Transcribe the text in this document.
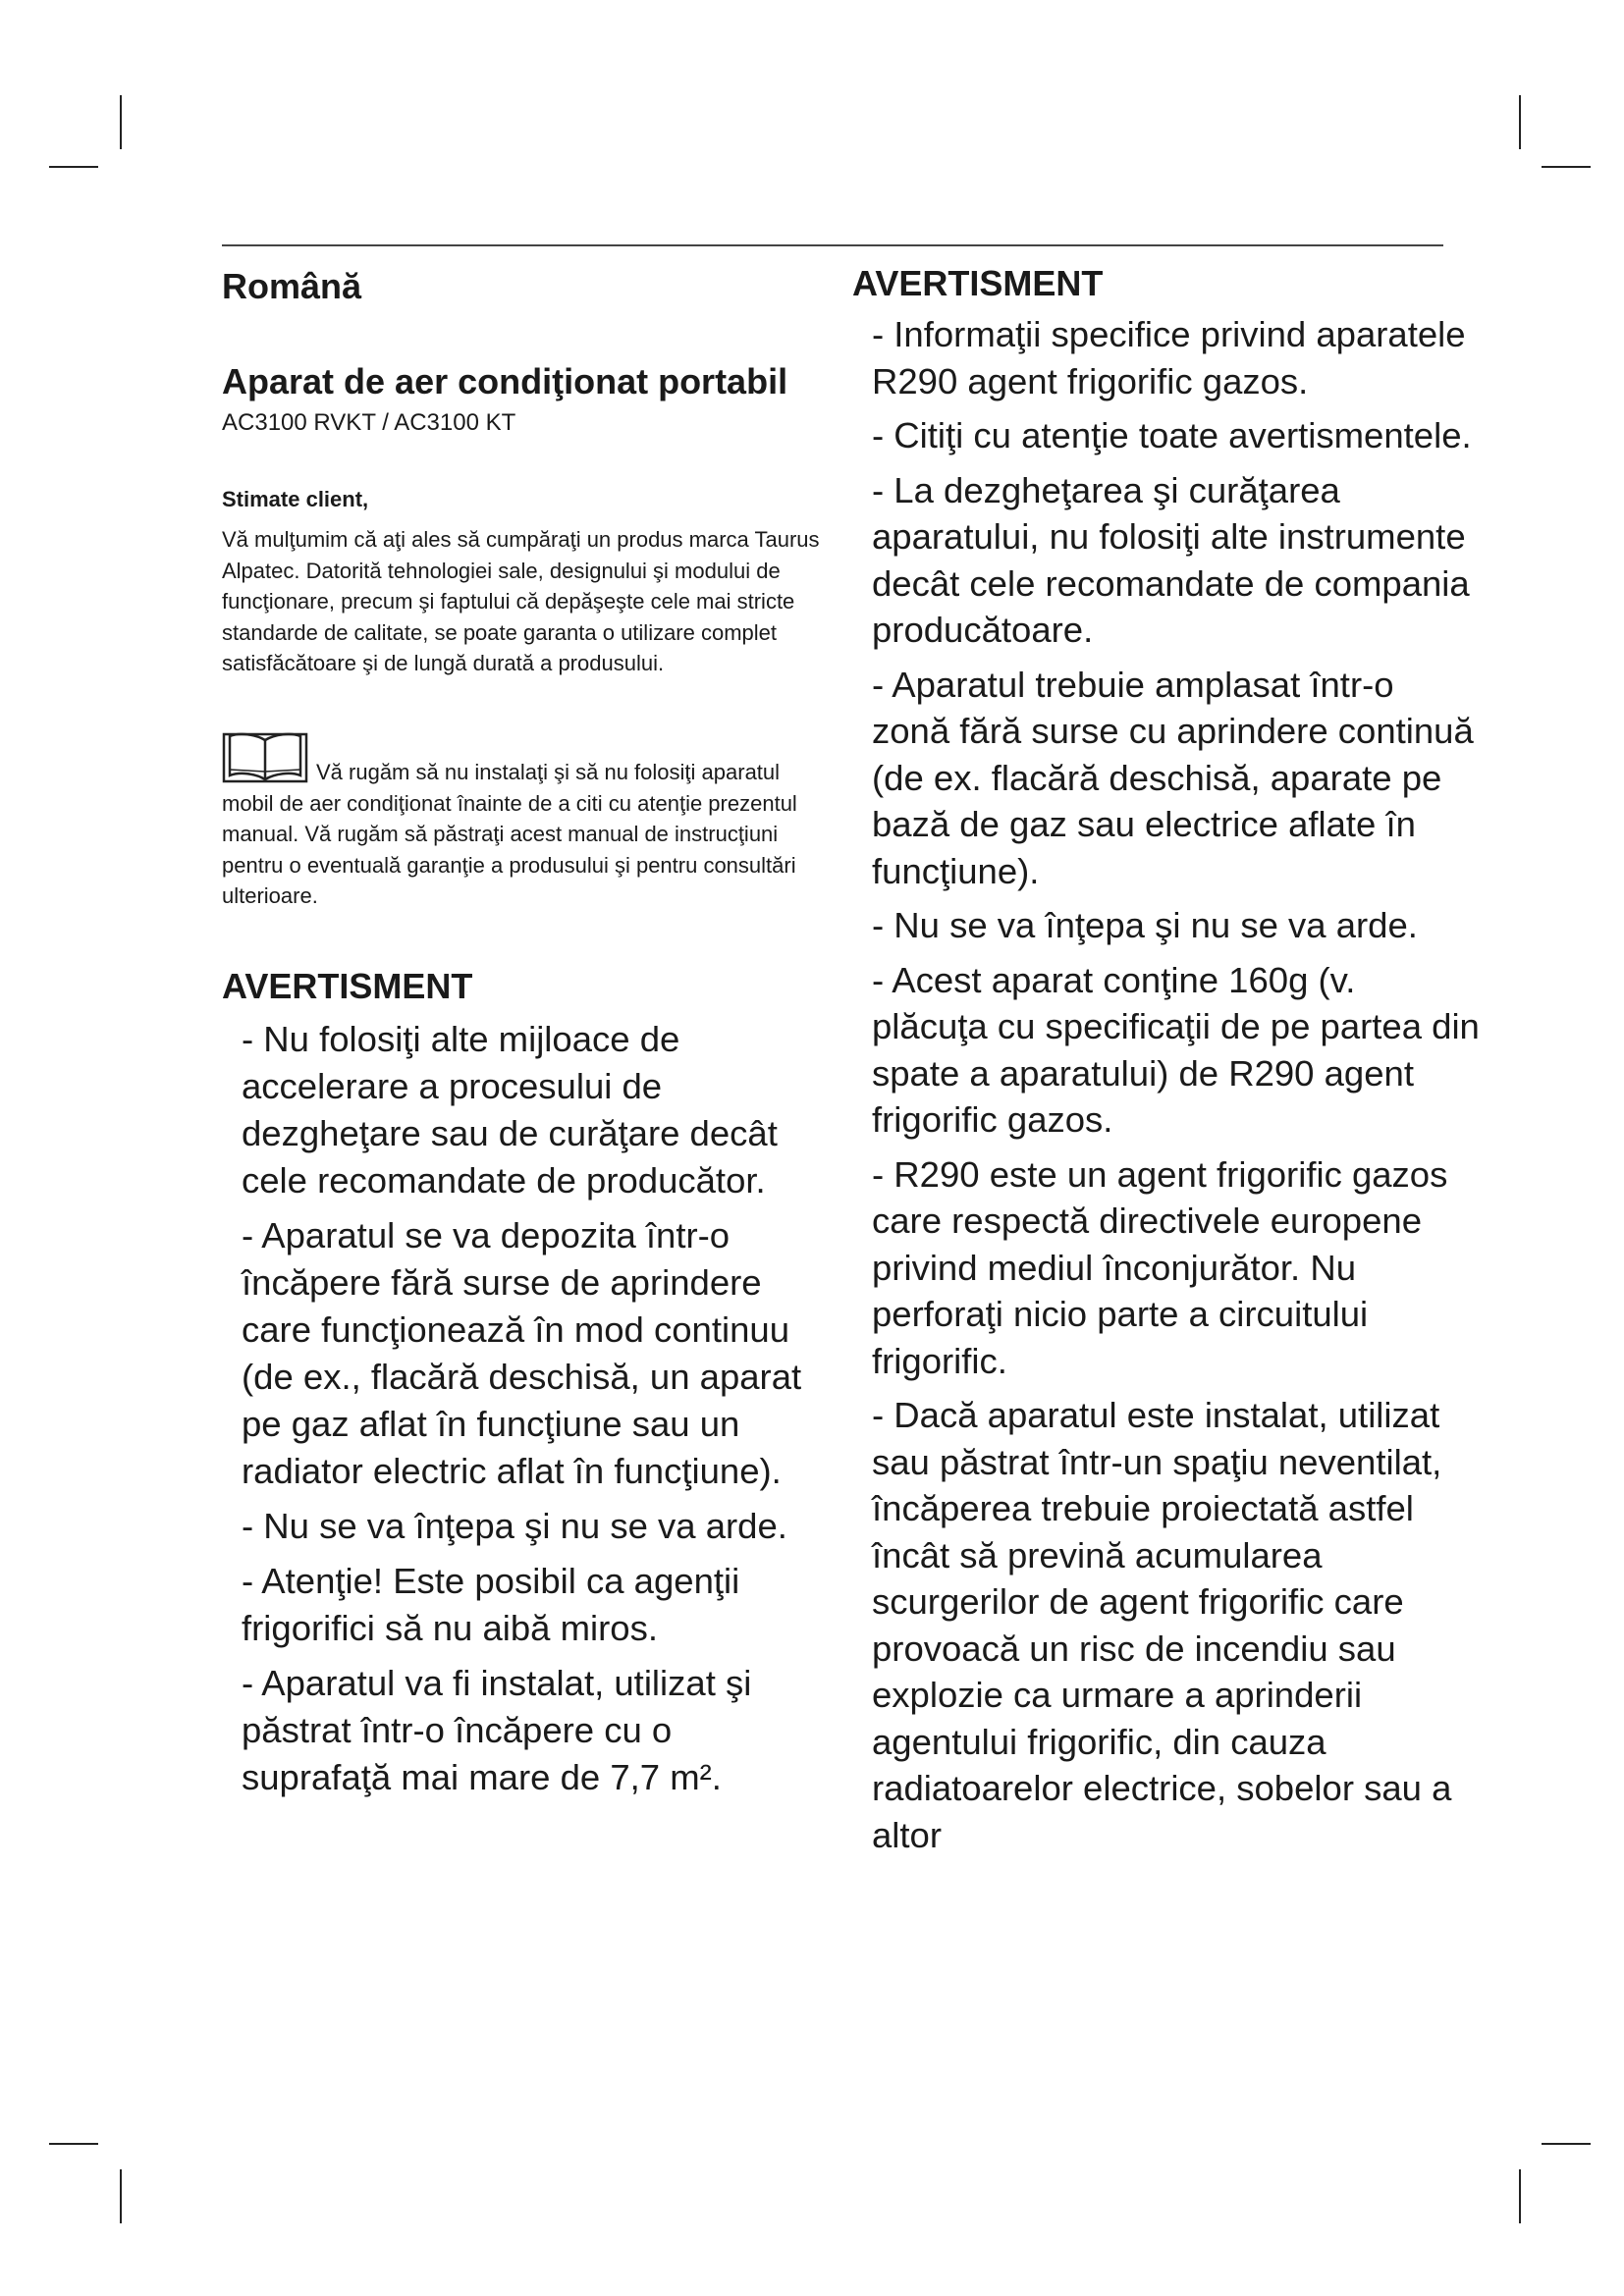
Română
Aparat de aer condiţionat portabil

AC3100 RVKT / AC3100 KT

Stimate client,

Vă mulţumim că aţi ales să cumpăraţi un produs marca Taurus Alpatec. Datorită tehnologiei sale, designului şi modului de funcţionare, precum şi faptului că depăşeşte cele mai stricte standarde de calitate, se poate garanta o utilizare complet satisfăcătoare şi de lungă durată a produsului.

Vă rugăm să nu instalaţi şi să nu folosiţi aparatul mobil de aer condiţionat înainte de a citi cu atenţie prezentul manual. Vă rugăm să păstraţi acest manual de instrucţiuni pentru o eventuală garanţie a produsului şi pentru consultări ulterioare.

AVERTISMENT

- Nu folosiţi alte mijloace de accelerare a procesului de dezgheţare sau de curăţare decât cele recomandate de producător.

- Aparatul se va depozita într-o încăpere fără surse de aprindere care funcţionează în mod continuu (de ex., flacără deschisă, un aparat pe gaz aflat în funcţiune sau un radiator electric aflat în funcţiune).

- Nu se va înţepa şi nu se va arde.

- Atenţie! Este posibil ca agenţii frigorifici să nu aibă miros.

- Aparatul va fi instalat, utilizat şi păstrat într-o încăpere cu o suprafaţă mai mare de 7,7 m².

AVERTISMENT

- Informaţii specifice privind aparatele R290 agent frigorific gazos.

- Citiţi cu atenţie toate avertismentele.

- La dezgheţarea şi curăţarea aparatului, nu folosiţi alte instrumente decât cele recomandate de compania producătoare.

- Aparatul trebuie amplasat într-o zonă fără surse cu aprindere continuă (de ex. flacără deschisă, aparate pe bază de gaz sau electrice aflate în funcţiune).

- Nu se va înţepa şi nu se va arde.

- Acest aparat conţine 160g (v. plăcuţa cu specificaţii de pe partea din spate a aparatului) de R290 agent frigorific gazos.

- R290 este un agent frigorific gazos care respectă directivele europene privind mediul înconjurător. Nu perforaţi nicio parte a circuitului frigorific.

- Dacă aparatul este instalat, utilizat sau păstrat într-un spaţiu neventilat, încăperea trebuie proiectată astfel încât să prevină acumularea scurgerilor de agent frigorific care provoacă un risc de incendiu sau explozie ca urmare a aprinderii agentului frigorific, din cauza radiatoarelor electrice, sobelor sau a altor
